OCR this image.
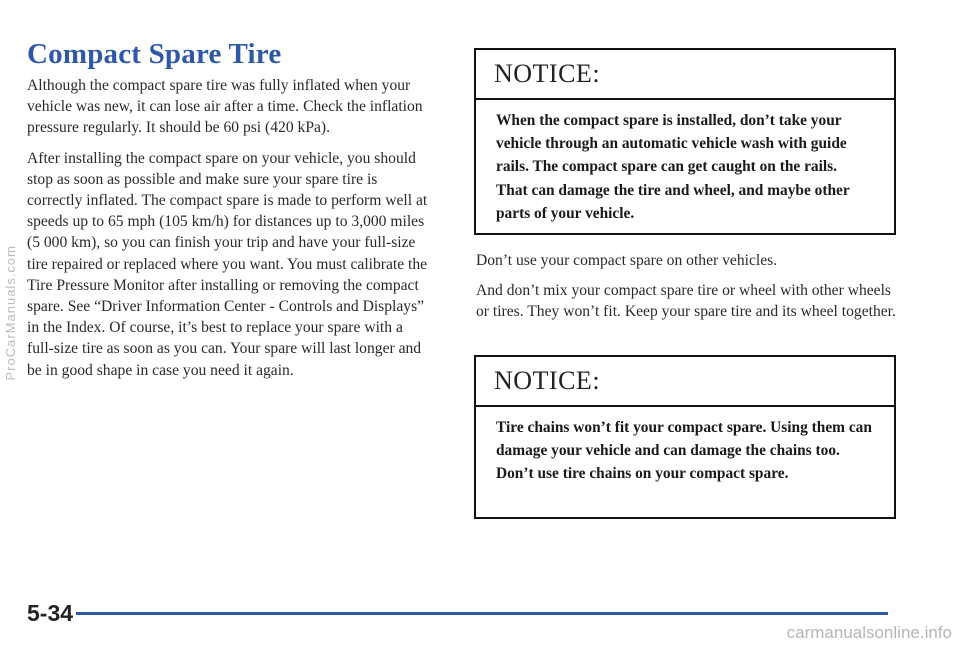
Compact Spare Tire

Although the compact spare tire was fully inflated when your vehicle was new, it can lose air after a time. Check the inflation pressure regularly. It should be 60 psi (420 kPa).

After installing the compact spare on your vehicle, you should stop as soon as possible and make sure your spare tire is correctly inflated. The compact spare is made to perform well at speeds up to 65 mph (105 km/h) for distances up to 3,000 miles (5 000 km), so you can finish your trip and have your full-size tire repaired or replaced where you want. You must calibrate the Tire Pressure Monitor after installing or removing the compact spare. See “Driver Information Center - Controls and Displays” in the Index. Of course, it’s best to replace your spare with a full-size tire as soon as you can. Your spare will last longer and be in good shape in case you need it again.

NOTICE:
When the compact spare is installed, don’t take your vehicle through an automatic vehicle wash with guide rails. The compact spare can get caught on the rails. That can damage the tire and wheel, and maybe other parts of your vehicle.

Don’t use your compact spare on other vehicles.

And don’t mix your compact spare tire or wheel with other wheels or tires. They won’t fit. Keep your spare tire and its wheel together.

NOTICE:
Tire chains won’t fit your compact spare. Using them can damage your vehicle and can damage the chains too. Don’t use tire chains on your compact spare.
5-34
ProCarManuals.com
carmanualsonline.info
